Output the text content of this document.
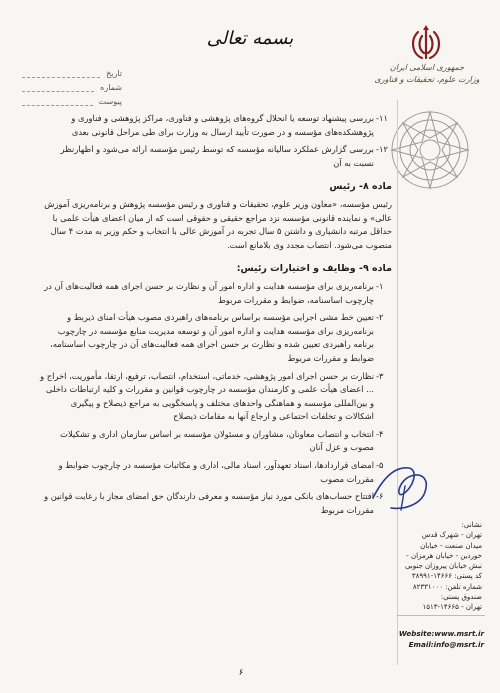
بسمه تعالی
تاریخ
شماره
پیوست
جمهوری اسلامی ایران
وزارت علوم، تحقیقات و فناوری
۱۱-
بررسی پیشنهاد توسعه یا انحلال گروه‌های پژوهشی و فناوری، مراکز پژوهشی و فناوری و پژوهشکده‌های مؤسسه و در صورت تأیید ارسال به وزارت برای طی مراحل قانونی بعدی
۱۲-
بررسی گزارش عملکرد سالیانه مؤسسه که توسط رئیس مؤسسه ارائه می‌شود و اظهارنظر نسبت به آن
ماده ۸- رئیس
رئیس مؤسسه، «معاون وزیر علوم، تحقیقات و فناوری و رئیس مؤسسه پژوهش و برنامه‌ریزی آموزش عالی» و نماینده قانونی مؤسسه نزد مراجع حقیقی و حقوقی است که از میان اعضای هیأت علمی با حداقل مرتبه دانشیاری و داشتن ۵ سال تجربه در آموزش عالی با انتخاب و حکم وزیر به مدت ۴ سال منصوب می‌شود. انتصاب مجدد وی بلامانع است.
ماده ۹- وظایف و اختیارات رئیس:
۱-
برنامه‌ریزی برای مؤسسه هدایت و اداره امور آن و نظارت بر حسن اجرای همه فعالیت‌های آن در چارچوب اساسنامه، ضوابط و مقررات مربوط
۲-
تعیین خط مشی اجرایی مؤسسه براساس برنامه‌های راهبردی مصوب هیأت امنای ذیربط و برنامه‌ریزی برای مؤسسه هدایت و اداره امور آن و توسعه مدیریت منابع مؤسسه در چارچوب برنامه راهبردی تعیین شده و نظارت بر حسن اجرای همه فعالیت‌های آن در چارچوب اساسنامه، ضوابط و مقررات مربوط
۳-
نظارت بر حسن اجرای امور پژوهشی، خدماتی، استخدام، انتصاب، ترفیع، ارتقا، مأموریت، اخراج و ... اعضای هیأت علمی و کارمندان مؤسسه در چارچوب قوانین و مقررات و کلیه ارتباطات داخلی و بین‌المللی مؤسسه و هماهنگی واحدهای مختلف و پاسخگویی به مراجع ذیصلاح و پیگیری اشکالات و تخلفات احتماعی و ارجاع آنها به مقامات ذیصلاح
۴-
انتخاب و انتصاب معاونان، مشاوران و مسئولان مؤسسه بر اساس سازمان اداری و تشکیلات مصوب و عزل آنان
۵-
امضای قراردادها، اسناد تعهدآور، اسناد مالی، اداری و مکاتبات مؤسسه در چارچوب ضوابط و مقررات مصوب
۶-
افتتاح حساب‌های بانکی مورد نیاز مؤسسه و معرفی دارندگان حق امضای مجاز با رعایت قوانین و مقررات مربوط
نشانی:
تهران - شهرک قدس
میدان صنعت - خیابان
خوردین - خیابان هرمزان -
نبش خیابان پیروزان جنوبی
کد پستی: ۱۴۶۶۶-۳۸۹۹۱
شماره تلفن: ۸۲۳۳۱۰۰۰
صندوق پستی:
تهران - ۱۴۶۶۵-۱۵۱۳
Website:www.msrt.ir
Email:info@msrt.ir
۶
